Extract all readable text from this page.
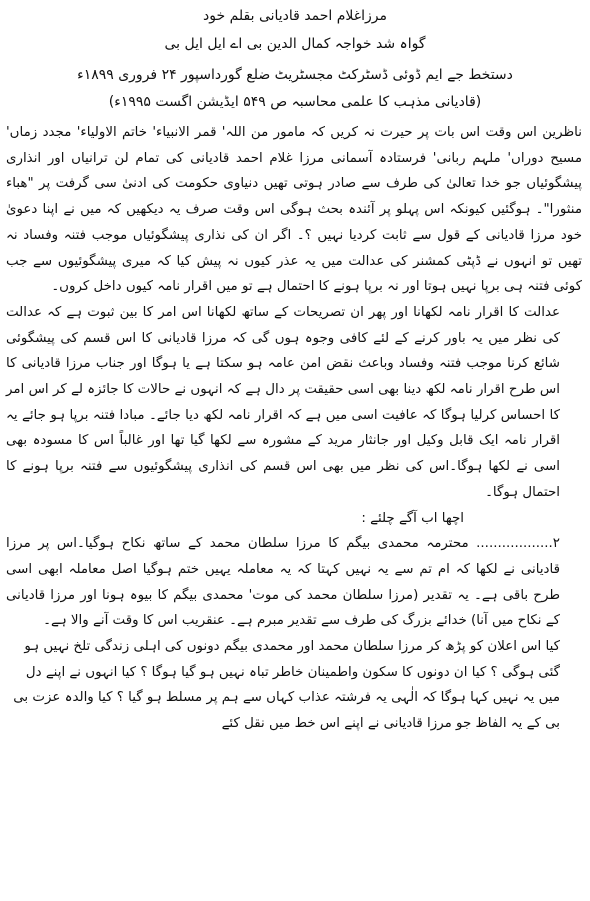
مرزاغلام احمد قادیانی بقلم خود
گواہ شد خواجہ کمال الدین بی اے ایل ایل بی
دستخط جے ایم ڈوئی ڈسٹرکٹ مجسٹریٹ ضلع گورداسپور ۲۴ فروری ۱۸۹۹ء
(قادیانی مذہب کا علمی محاسبہ ص ۵۴۹ ایڈیشن اگست ۱۹۹۵ء)

ناظرین اس وقت اس بات پر حیرت نہ کریں کہ مامور من اللہ' قمر الانبیاء' خاتم الاولیاء' مجدد زماں' مسیح دوراں' ملہم ربانی' فرستادہ آسمانی مرزا غلام احمد قادیانی کی تمام لن ترانیاں اور انذاری پیشگوئیاں جو خدا تعالیٰ کی طرف سے صادر ہوتی تھیں دنیاوی حکومت کی ادنیٰ سی گرفت پر "ھباء منثورا"۔ ہوگئیں کیونکہ اس پہلو پر آئندہ بحث ہوگی اس وقت صرف یہ دیکھیں کہ میں نے اپنا دعویٰ خود مرزا قادیانی کے قول سے ثابت کردیا نہیں ؟۔ اگر ان کی نذاری پیشگوئیاں موجب فتنہ وفساد نہ تھیں تو انہوں نے ڈپٹی کمشنر کی عدالت میں یہ عذر کیوں نہ پیش کیا کہ میری پیشگوئیوں سے جب کوئی فتنہ ہی برپا نہیں ہوتا اور نہ برپا ہونے کا احتمال ہے تو میں اقرار نامہ کیوں داخل کروں۔

عدالت کا اقرار نامہ لکھانا اور پھر ان تصریحات کے ساتھ لکھانا اس امر کا بین ثبوت ہے کہ عدالت کی نظر میں یہ باور کرنے کے لئے کافی وجوہ ہوں گی کہ مرزا قادیانی کا اس قسم کی پیشگوئی شائع کرنا موجب فتنہ وفساد وباعث نقض امن عامہ ہو سکتا ہے یا ہوگا اور جناب مرزا قادیانی کا اس طرح اقرار نامہ لکھ دینا بھی اسی حقیقت پر دال ہے کہ انہوں نے حالات کا جائزہ لے کر اس امر کا احساس کرلیا ہوگا کہ عافیت اسی میں ہے کہ اقرار نامہ لکھ دیا جائے۔ مبادا فتنہ برپا ہو جائے یہ اقرار نامہ ایک قابل وکیل اور جانثار مرید کے مشورہ سے لکھا گیا تھا اور غالباً اس کا مسودہ بھی اسی نے لکھا ہوگا۔اس کی نظر میں بھی اس قسم کی انذاری پیشگوئیوں سے فتنہ برپا ہونے کا احتمال ہوگا۔

اچھا اب آگے چلئے :

۲.................. محترمہ محمدی بیگم کا مرزا سلطان محمد کے ساتھ نکاح ہوگیا۔اس پر مرزا قادیانی نے لکھا کہ ام تم سے یہ نہیں کہتا کہ یہ معاملہ یہیں ختم ہوگیا اصل معاملہ ابھی اسی طرح باقی ہے۔ یہ تقدیر (مرزا سلطان محمد کی موت' محمدی بیگم کا بیوہ ہونا اور مرزا قادیانی کے نکاح میں آنا) خدائے بزرگ کی طرف سے تقدیر مبرم ہے۔ عنقریب اس کا وقت آنے والا ہے۔

کیا اس اعلان کو پڑھ کر مرزا سلطان محمد اور محمدی بیگم دونوں کی اہلی زندگی تلخ نہیں ہو گئی ہوگی ؟ کیا ان دونوں کا سکون واطمینان خاطر تباہ نہیں ہو گیا ہوگا ؟ کیا انہوں نے اپنے دل میں یہ نہیں کہا ہوگا کہ الٰہی یہ فرشتہ عذاب کہاں سے ہم پر مسلط ہو گیا ؟ کیا والدہ عزت بی بی کے یہ الفاظ جو مرزا قادیانی نے اپنے اس خط میں نقل کئے
